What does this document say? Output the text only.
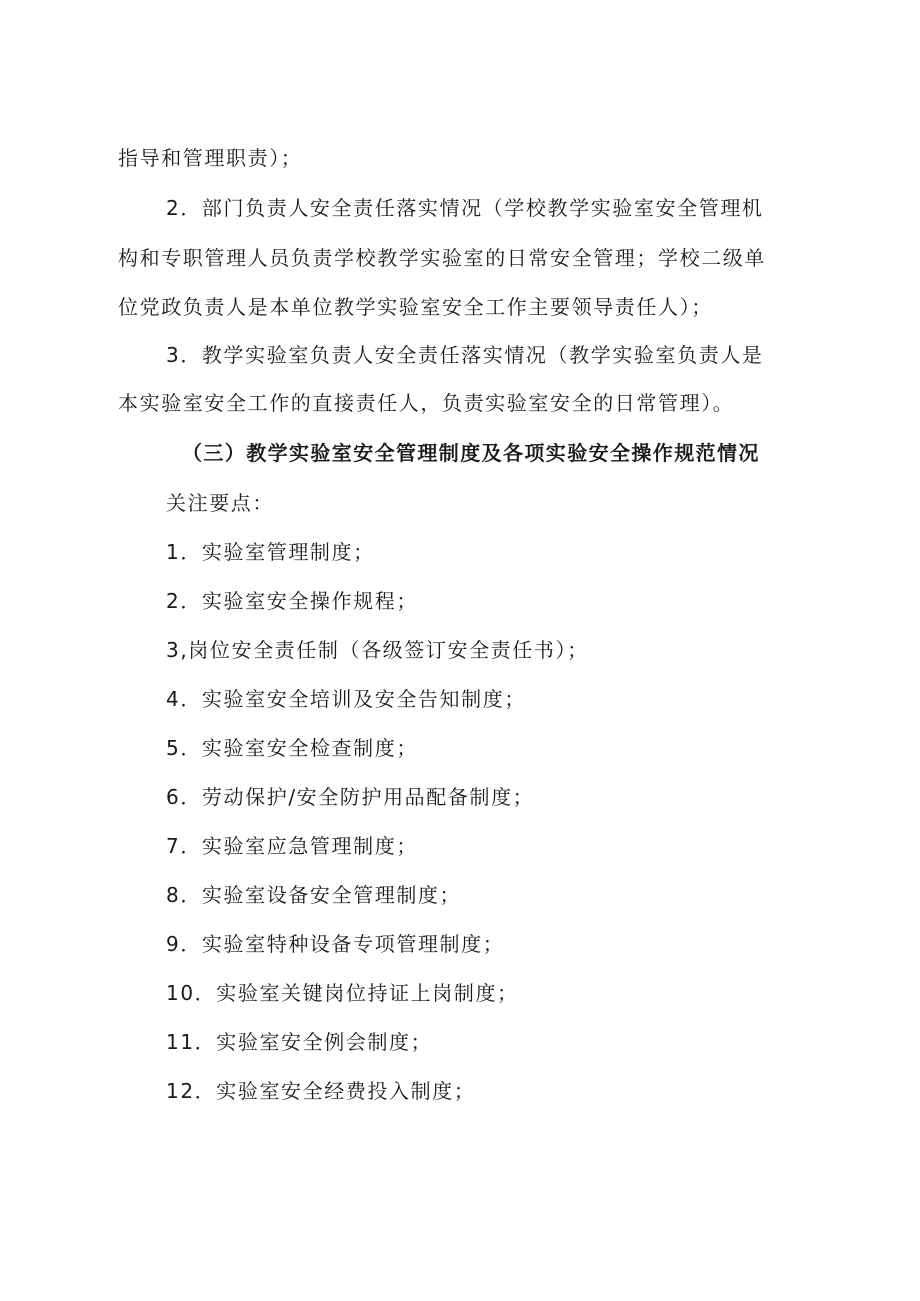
指导和管理职责）；
2．部门负责人安全责任落实情况（学校教学实验室安全管理机
构和专职管理人员负责学校教学实验室的日常安全管理；学校二级单
位党政负责人是本单位教学实验室安全工作主要领导责任人）；
3．教学实验室负责人安全责任落实情况（教学实验室负责人是
本实验室安全工作的直接责任人，负责实验室安全的日常管理）。
（三）教学实验室安全管理制度及各项实验安全操作规范情况
关注要点：
1．实验室管理制度；
2．实验室安全操作规程；
3,岗位安全责任制（各级签订安全责任书）；
4．实验室安全培训及安全告知制度；
5．实验室安全检查制度；
6．劳动保护/安全防护用品配备制度；
7．实验室应急管理制度；
8．实验室设备安全管理制度；
9．实验室特种设备专项管理制度；
10．实验室关键岗位持证上岗制度；
11．实验室安全例会制度；
12．实验室安全经费投入制度；
